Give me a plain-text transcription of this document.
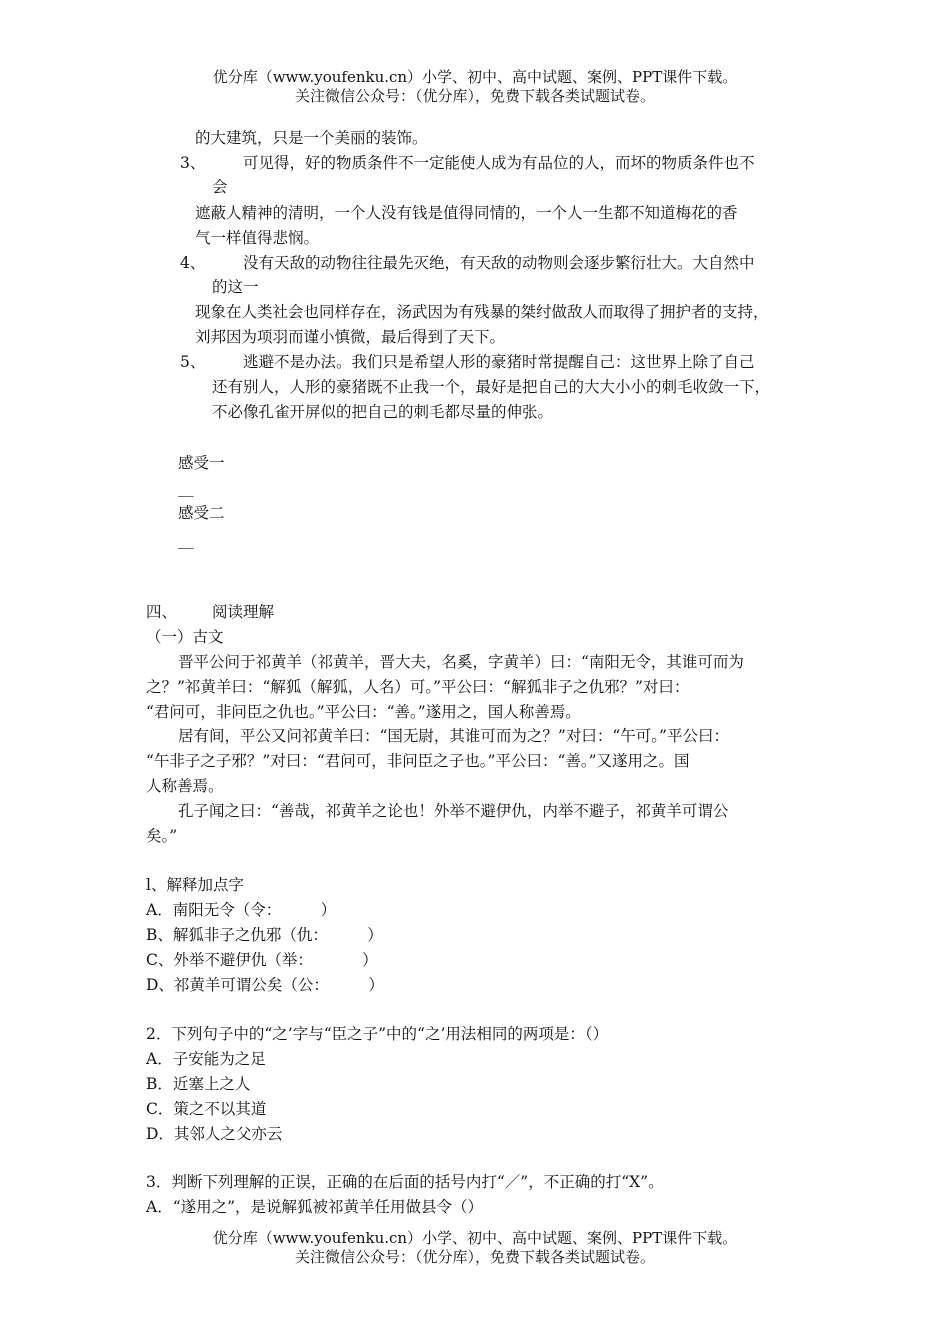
优分库（www.youfenku.cn）小学、初中、高中试题、案例、PPT课件下载。
关注微信公众号：（优分库），免费下载各类试题试卷。
的大建筑，只是一个美丽的装饰。
3、 可见得，好的物质条件不一定能使人成为有品位的人，而坏的物质条件也不
会
遮蔽人精神的清明，一个人没有钱是值得同情的，一个人一生都不知道梅花的香
气一样值得悲悯。
4、 没有天敌的动物往往最先灭绝，有天敌的动物则会逐步繁衍壮大。大自然中
的这一
现象在人类社会也同样存在，汤武因为有残暴的桀纣做敌人而取得了拥护者的支持，
刘邦因为项羽而谨小慎微，最后得到了天下。
5、 逃避不是办法。我们只是希望人形的豪猪时常提醒自己：这世界上除了自己
还有别人，人形的豪猪既不止我一个，最好是把自己的大大小小的刺毛收敛一下，
不必像孔雀开屏似的把自己的刺毛都尽量的伸张。
感受一
__
感受二
__
四、 阅读理解
（一）古文
晋平公问于祁黄羊（祁黄羊，晋大夫，名奚，字黄羊）曰：“南阳无令，其谁可而为
之？”祁黄羊曰：“解狐（解狐，人名）可。”平公曰：“解狐非子之仇邪？”对曰：
“君问可，非问臣之仇也。”平公曰：“善。”遂用之，国人称善焉。
居有间，平公又问祁黄羊曰：“国无尉，其谁可而为之？”对曰：“午可。”平公曰：
“午非子之子邪？”对曰：“君问可，非问臣之子也。”平公曰：“善。”又遂用之。国
人称善焉。
孔子闻之曰：“善哉，祁黄羊之论也！外举不避伊仇，内举不避子，祁黄羊可谓公
矣。”
l、解释加点字
A．南阳无令（令：        ）
B、解狐非子之仇邪（仇：        ）
C、外举不避伊仇（举：          ）
D、祁黄羊可谓公矣（公：        ）
2．下列句子中的“之’字与“臣之子”中的“之’用法相同的两项是：（）
A．子安能为之足
B．近塞上之人
C．策之不以其道
D．其邻人之父亦云
3．判断下列理解的正误，正确的在后面的括号内打“／”，不正确的打“X”。
A．“遂用之”，是说解狐被祁黄羊任用做县令（）
优分库（www.youfenku.cn）小学、初中、高中试题、案例、PPT课件下载。
关注微信公众号：（优分库），免费下载各类试题试卷。
